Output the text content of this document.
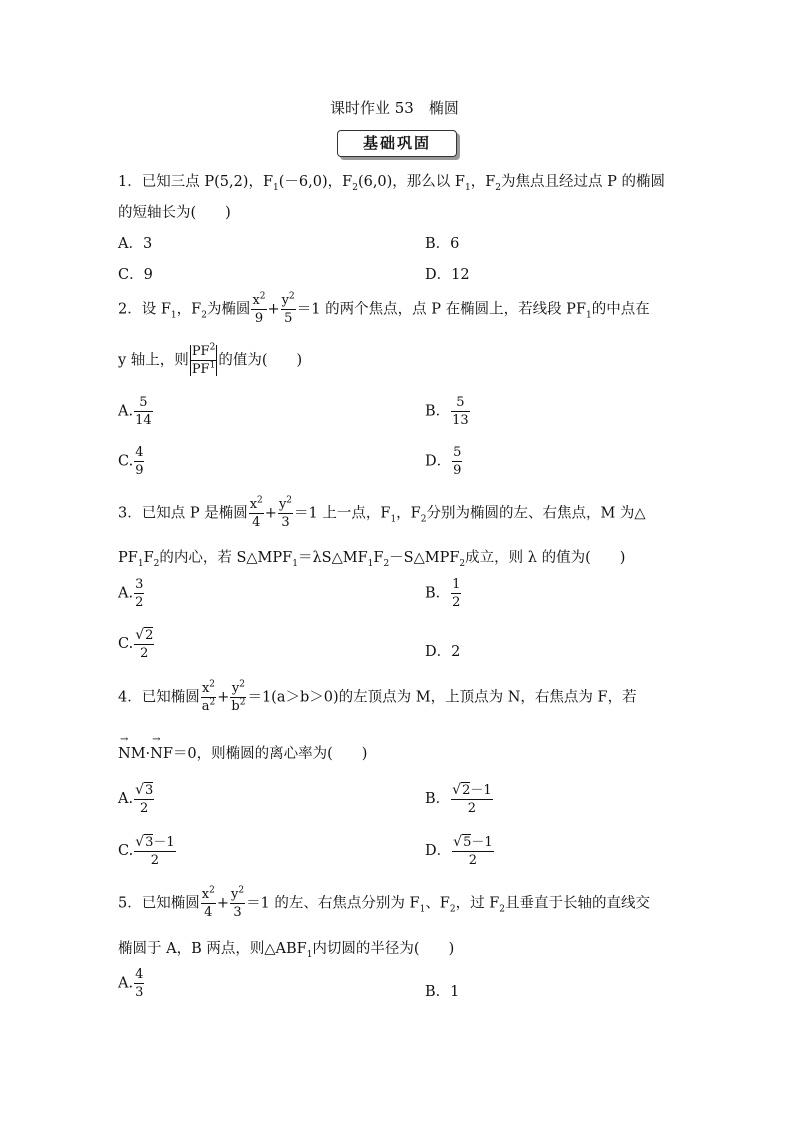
课时作业 53　椭圆
基础巩固
1．已知三点 P(5,2)，$F_1(-6,0)$，$F_2(6,0)$，那么以 $F_1$，$F_2$为焦点且经过点 P 的椭圆
的短轴长为(　　)
A．3	B．6
C．9	D．12
2．设 $F_1$，$F_2$为椭圆 $\frac{x^2}{9} + \frac{y^2}{5} =1$ 的两个焦点，点 P 在椭圆上，若线段 $PF_1$的中点在
y 轴上，则 $\frac{PF^2}{PF^1}$ 的值为(　　)
A. $\frac{5}{14}$	B． $\frac{5}{13}$
C. $\frac{4}{9}$	D． $\frac{5}{9}$
3．已知点 P 是椭圆 $\frac{x^2}{4} + \frac{y^2}{3} =1$ 上一点，$F_1$，$F_2$分别为椭圆的左、右焦点，M 为△
$PF_1F_2$的内心，若 $S\triangle MPF_1=\lambda S\triangle MF_1F_2-S\triangle MPF_2$成立，则 λ 的值为(　　)
A. $\frac{3}{2}$	B． $\frac{1}{2}$
C. $\frac{√2}{2}$	D．2
4．已知椭圆 $\frac{x^2}{a^2} + \frac{y^2}{b^2} =1(a>b>0)$的左顶点为 M，上顶点为 N，右焦点为 F，若
→ NM·→ NF＝0，则椭圆的离心率为(　　)
A. $\frac{√3}{2}$	B． $\frac{√2-1}{2}$
C. $\frac{√3-1}{2}$	D． $\frac{√5-1}{2}$
5．已知椭圆 $\frac{x^2}{4} + \frac{y^2}{3} =1$ 的左、右焦点分别为 $F_1$、$F_2$，过 $F_2$且垂直于长轴的直线交
椭圆于 A，B 两点，则$\triangle ABF_1$内切圆的半径为(　　)
A. $\frac{4}{3}$	B．1
